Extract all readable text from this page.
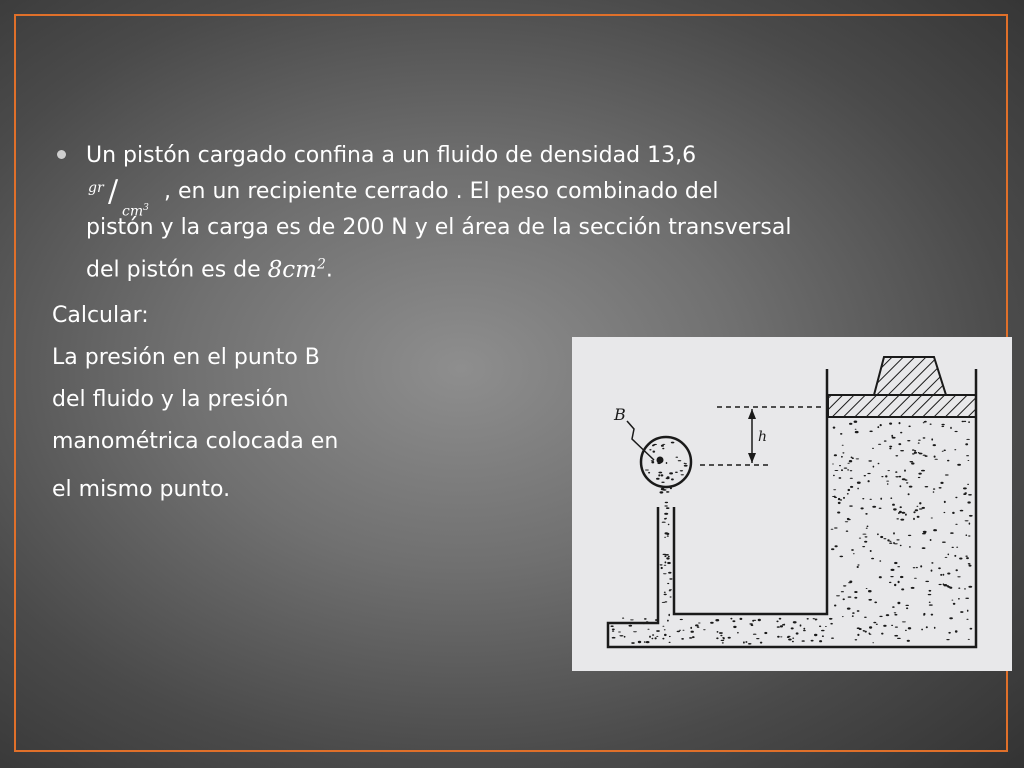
Un pistón cargado confina a un fluido de densidad 13,6

gr /
$cm^3$
, en un recipiente cerrado . El peso combinado del pistón y la carga es de 200 N y el área de la sección transversal del pistón es de $8cm^2$.
Calcular:
La presión en el punto B
del fluido y la presión
manométrica colocada en
el mismo punto.
h
B
